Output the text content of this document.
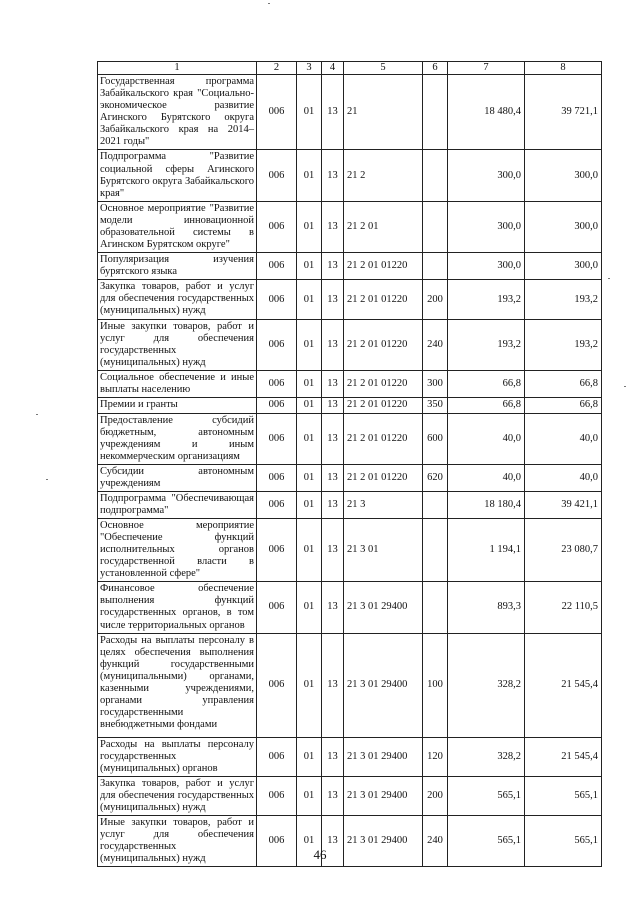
1	2	3	4	5	6	7	8
Государственная программа Забайкальского края "Социально-экономическое развитие Агинского Бурятского округа Забайкальского края на 2014–2021 годы"	006	01	13	21		18 480,4	39 721,1
Подпрограмма "Развитие социальной сферы Агинского Бурятского округа Забайкальского края"	006	01	13	21 2		300,0	300,0
Основное мероприятие "Развитие модели инновационной образовательной системы в Агинском Бурятском округе"	006	01	13	21 2 01		300,0	300,0
Популяризация изучения бурятского языка	006	01	13	21 2 01 01220		300,0	300,0
Закупка товаров, работ и услуг для обеспечения государственных (муниципальных) нужд	006	01	13	21 2 01 01220	200	193,2	193,2
Иные закупки товаров, работ и услуг для обеспечения государственных (муниципальных) нужд	006	01	13	21 2 01 01220	240	193,2	193,2
Социальное обеспечение и иные выплаты населению	006	01	13	21 2 01 01220	300	66,8	66,8
Премии и гранты	006	01	13	21 2 01 01220	350	66,8	66,8
Предоставление субсидий бюджетным, автономным учреждениям и иным некоммерческим организациям	006	01	13	21 2 01 01220	600	40,0	40,0
Субсидии автономным учреждениям	006	01	13	21 2 01 01220	620	40,0	40,0
Подпрограмма "Обеспечивающая подпрограмма"	006	01	13	21 3		18 180,4	39 421,1
Основное мероприятие "Обеспечение функций исполнительных органов государственной власти в установленной сфере"	006	01	13	21 3 01		1 194,1	23 080,7
Финансовое обеспечение выполнения функций государственных органов, в том числе территориальных органов	006	01	13	21 3 01 29400		893,3	22 110,5
Расходы на выплаты персоналу в целях обеспечения выполнения функций государственными (муниципальными) органами, казенными учреждениями, органами управления государственными внебюджетными фондами	006	01	13	21 3 01 29400	100	328,2	21 545,4
Расходы на выплаты персоналу государственных (муниципальных) органов	006	01	13	21 3 01 29400	120	328,2	21 545,4
Закупка товаров, работ и услуг для обеспечения государственных (муниципальных) нужд	006	01	13	21 3 01 29400	200	565,1	565,1
Иные закупки товаров, работ и услуг для обеспечения государственных (муниципальных) нужд	006	01	13	21 3 01 29400	240	565,1	565,1
46
